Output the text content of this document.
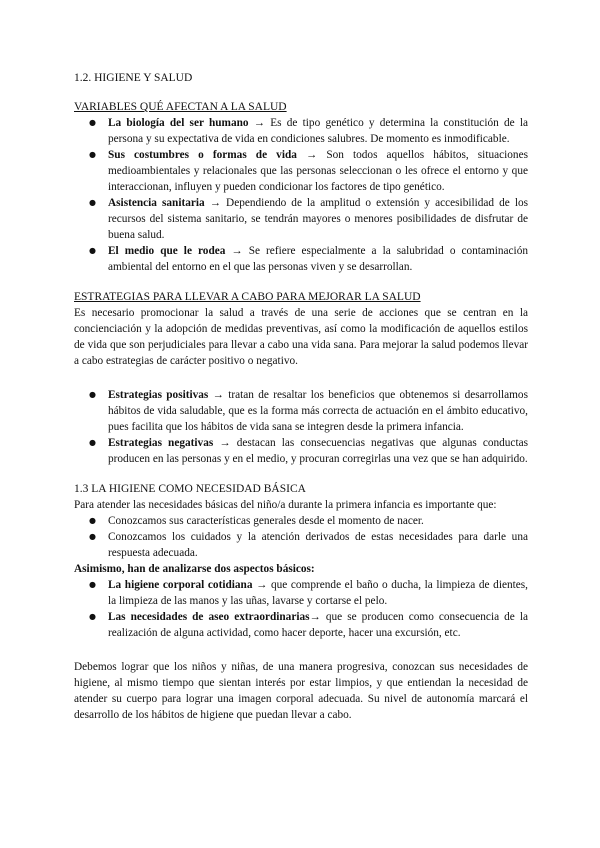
1.2. HIGIENE Y SALUD

VARIABLES QUÉ AFECTAN A LA SALUD

● La biología del ser humano → Es de tipo genético y determina la constitución de la persona y su expectativa de vida en condiciones salubres. De momento es inmodificable.
● Sus costumbres o formas de vida → Son todos aquellos hábitos, situaciones medioambientales y relacionales que las personas seleccionan o les ofrece el entorno y que interaccionan, influyen y pueden condicionar los factores de tipo genético.
● Asistencia sanitaria → Dependiendo de la amplitud o extensión y accesibilidad de los recursos del sistema sanitario, se tendrán mayores o menores posibilidades de disfrutar de buena salud.
● El medio que le rodea → Se refiere especialmente a la salubridad o contaminación ambiental del entorno en el que las personas viven y se desarrollan.

ESTRATEGIAS PARA LLEVAR A CABO PARA MEJORAR LA SALUD

Es necesario promocionar la salud a través de una serie de acciones que se centran en la concienciación y la adopción de medidas preventivas, así como la modificación de aquellos estilos de vida que son perjudiciales para llevar a cabo una vida sana. Para mejorar la salud podemos llevar a cabo estrategias de carácter positivo o negativo.

● Estrategias positivas → tratan de resaltar los beneficios que obtenemos si desarrollamos hábitos de vida saludable, que es la forma más correcta de actuación en el ámbito educativo, pues facilita que los hábitos de vida sana se integren desde la primera infancia.
● Estrategias negativas → destacan las consecuencias negativas que algunas conductas producen en las personas y en el medio, y procuran corregirlas una vez que se han adquirido.

1.3 LA HIGIENE COMO NECESIDAD BÁSICA

Para atender las necesidades básicas del niño/a durante la primera infancia es importante que:

● Conozcamos sus características generales desde el momento de nacer.
● Conozcamos los cuidados y la atención derivados de estas necesidades para darle una respuesta adecuada.

Asimismo, han de analizarse dos aspectos básicos:

● La higiene corporal cotidiana → que comprende el baño o ducha, la limpieza de dientes, la limpieza de las manos y las uñas, lavarse y cortarse el pelo.
● Las necesidades de aseo extraordinarias→ que se producen como consecuencia de la realización de alguna actividad, como hacer deporte, hacer una excursión, etc.

Debemos lograr que los niños y niñas, de una manera progresiva, conozcan sus necesidades de higiene, al mismo tiempo que sientan interés por estar limpios, y que entiendan la necesidad de atender su cuerpo para lograr una imagen corporal adecuada. Su nivel de autonomía marcará el desarrollo de los hábitos de higiene que puedan llevar a cabo.
